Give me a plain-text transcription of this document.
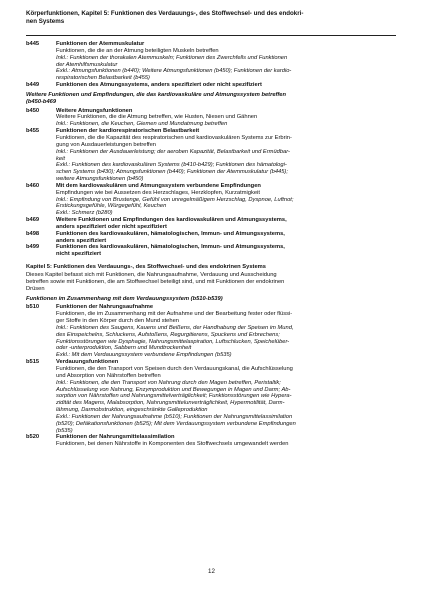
Körperfunktionen, Kapitel 5: Funktionen des Verdauungs-, des Stoffwechsel- und des endokri-
nen Systems
b445	Funktionen der Atemmuskulatur
Funktionen, die die an der Atmung beteiligten Muskeln betreffen
Inkl.: Funktionen der thorakalen Atemmuskeln; Funktionen des Zwerchfells und Funktionen
der Atemhilfsmuskulatur
Exkl.: Atmungsfunktionen (b440); Weitere Atmungsfunktionen (b450); Funktionen der kardio-
respiratorischen Belastbarkeit (b455)
b449	Funktionen des Atmungssystems, anders spezifiziert oder nicht spezifiziert
Weitere Funktionen und Empfindungen, die das kardiovaskuläre und Atmungssystem betreffen
(b450-b469
b450	Weitere Atmungsfunktionen
Weitere Funktionen, die die Atmung betreffen, wie Husten, Niesen und Gähnen
Inkl.: Funktionen, die Keuchen, Giemen und Mundatmung betreffen
b455	Funktionen der kardiorespiratorischen Belastbarkeit
Funktionen, die die Kapazität des respiratorischen und kardiovaskulären Systems zur Erbrin-
gung von Ausdauerleistungen betreffen
Inkl.: Funktionen der Ausdauerleistung; der aeroben Kapazität, Belastbarkeit und Ermüdbar-
keit
Exkl.: Funktionen des kardiovaskulären Systems (b410-b429); Funktionen des hämatologi-
schen Systems (b430); Atmungsfunktionen (b440); Funktionen der Atemmuskulatur (b445);
weitere Atmungsfunktionen (b450)
b460	Mit dem kardiovaskulären und Atmungssystem verbundene Empfindungen
Empfindungen wie bei Aussetzen des Herzschlages, Herzklopfen, Kurzatmigkeit
Inkl.: Empfindung von Brustenge, Gefühl von unregelmäßigem Herzschlag, Dyspnoe, Luftnot;
Erstickungsgefühle, Würgegefühl, Keuchen
Exkl.: Schmerz (b280)
b469	Weitere Funktionen und Empfindungen des kardiovaskulären und Atmungssystems,
anders spezifiziert oder nicht spezifiziert
b498	Funktionen des kardiovaskulären, hämatologischen, Immun- und Atmungssystems,
anders spezifiziert
b499	Funktionen des kardiovaskulären, hämatologischen, Immun- und Atmungssystems,
nicht spezifiziert
Kapitel 5: Funktionen des Verdauungs-, des Stoffwechsel- und des endokrinen Systems
Dieses Kapitel befasst sich mit Funktionen, die Nahrungsaufnahme, Verdauung und Ausscheidung
betreffen sowie mit Funktionen, die am Stoffwechsel beteiligt sind, und mit Funktionen der endokrinen
Drüsen
Funktionen im Zusammenhang mit dem Verdauungssystem (b510-b539)
b510	Funktionen der Nahrungsaufnahme
Funktionen, die im Zusammenhang mit der Aufnahme und der Bearbeitung fester oder flüssi-
ger Stoffe in den Körper durch den Mund stehen
Inkl.: Funktionen des Saugens, Kauens und Beißens, der Handhabung der Speisen im Mund,
des Einspeichelns, Schluckens, Aufstoßens, Regurgitierens, Spuckens und Erbrechens;
Funktionsstörungen wie Dysphagie, Nahrungsmittelaspiration, Luftschlucken, Speichelüber-
oder -unterproduktion, Sabbern und Mundtrockenheit
Exkl.: Mit dem Verdauungssystem verbundene Empfindungen (b535)
b515	Verdauungsfunktionen
Funktionen, die den Transport von Speisen durch den Verdauungskanal, die Aufschlüsselung
und Absorption von Nährstoffen betreffen
Inkl.: Funktionen, die den Transport von Nahrung durch den Magen betreffen, Peristaltik;
Aufschlüsselung von Nahrung, Enzymproduktion und Bewegungen in Magen und Darm; Ab-
sorption von Nährstoffen und Nahrungsmittelverträglichkeit; Funktionsstörungen wie Hypera-
zidität des Magens, Malabsorption, Nahrungsmittelunverträglichkeit, Hypermotilität, Darm-
lähmung, Darmobstruktion, eingeschränkte Galleproduktion
Exkl.: Funktionen der Nahrungsaufnahme (b510); Funktionen der Nahrungsmittelassimilation
(b520); Defäkationsfunktionen (b525); Mit dem Verdauungssystem verbundene Empfindungen
(b535)
b520	Funktionen der Nahrungsmittelassimilation
Funktionen, bei denen Nährstoffe in Komponenten des Stoffwechsels umgewandelt werden
12
